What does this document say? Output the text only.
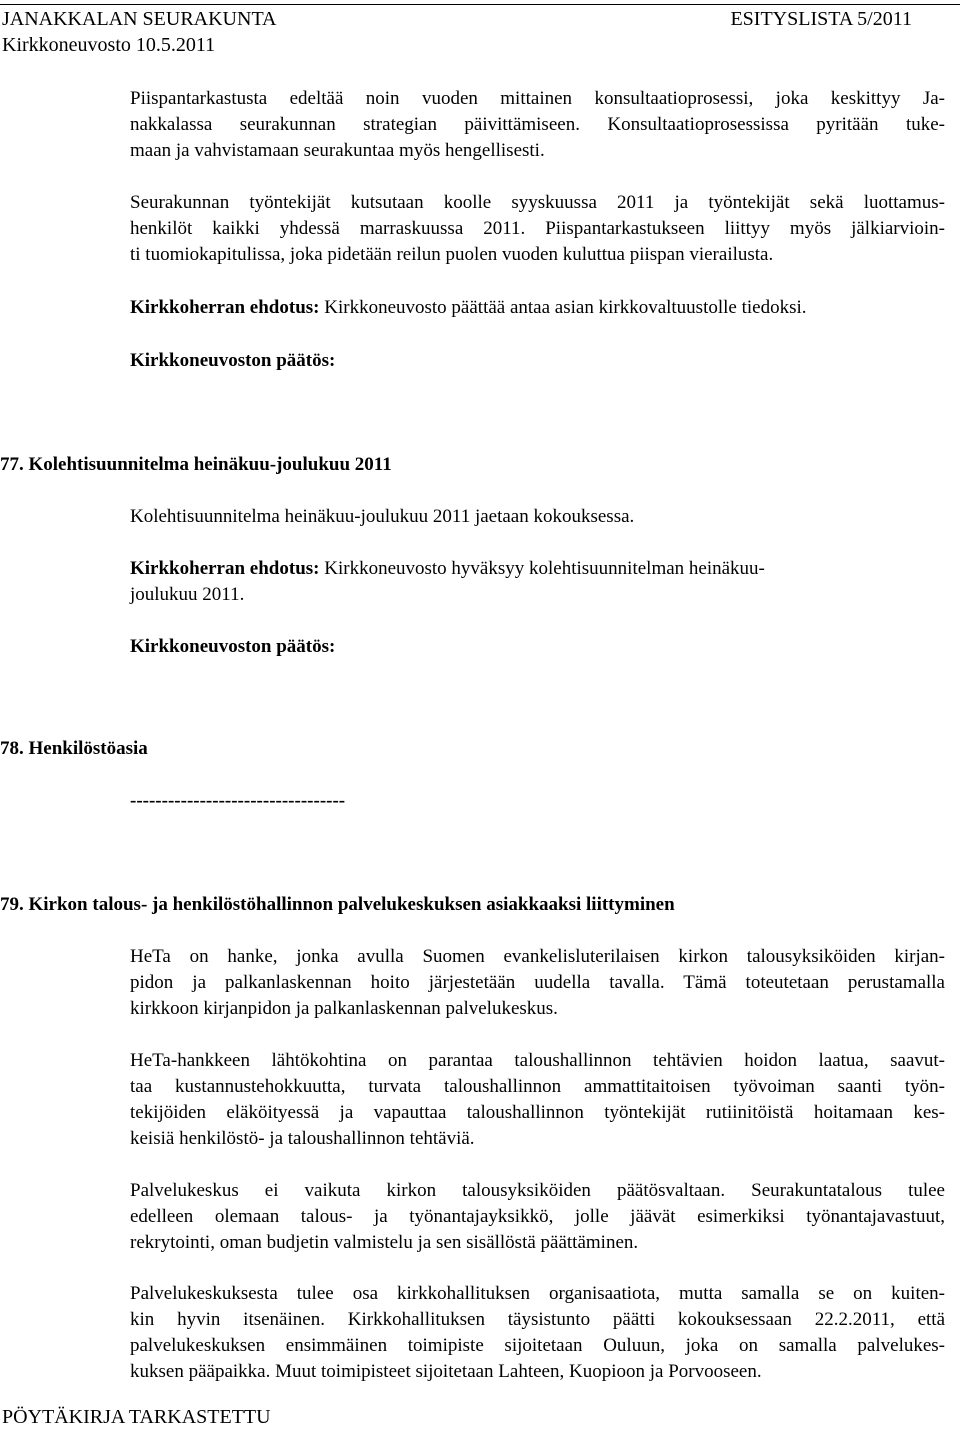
JANAKKALAN SEURAKUNTA	ESITYSLISTA 5/2011
Kirkkoneuvosto 10.5.2011
Piispantarkastusta edeltää noin vuoden mittainen konsultaatioprosessi, joka keskittyy Ja-
nakkalassa seurakunnan strategian päivittämiseen. Konsultaatioprosessissa pyritään tuke-
maan ja vahvistamaan seurakuntaa myös hengellisesti.
Seurakunnan työntekijät kutsutaan koolle syyskuussa 2011 ja työntekijät sekä luottamus-
henkilöt kaikki yhdessä marraskuussa 2011. Piispantarkastukseen liittyy myös jälkiarvioin-
ti tuomiokapitulissa, joka pidetään reilun puolen vuoden kuluttua piispan vierailusta.
Kirkkoherran ehdotus: Kirkkoneuvosto päättää antaa asian kirkkovaltuustolle tiedoksi.
Kirkkoneuvoston päätös:
77. Kolehtisuunnitelma heinäkuu-joulukuu 2011
Kolehtisuunnitelma heinäkuu-joulukuu 2011 jaetaan kokouksessa.
Kirkkoherran ehdotus: Kirkkoneuvosto hyväksyy kolehtisuunnitelman heinäkuu-
joulukuu 2011.
Kirkkoneuvoston päätös:
78. Henkilöstöasia
----------------------------------
79. Kirkon talous- ja henkilöstöhallinnon palvelukeskuksen asiakkaaksi liittyminen
HeTa on hanke, jonka avulla Suomen evankelisluterilaisen kirkon talousyksiköiden kirjan-
pidon ja palkanlaskennan hoito järjestetään uudella tavalla. Tämä toteutetaan perustamalla
kirkkoon kirjanpidon ja palkanlaskennan palvelukeskus.
HeTa-hankkeen lähtökohtina on parantaa taloushallinnon tehtävien hoidon laatua, saavut-
taa kustannustehokkuutta, turvata taloushallinnon ammattitaitoisen työvoiman saanti työn-
tekijöiden eläköityessä ja vapauttaa taloushallinnon työntekijät rutiinitöistä hoitamaan kes-
keisiä henkilöstö- ja taloushallinnon tehtäviä.
Palvelukeskus ei vaikuta kirkon talousyksiköiden päätösvaltaan. Seurakuntatalous tulee
edelleen olemaan talous- ja työnantajayksikkö, jolle jäävät esimerkiksi työnantajavastuut,
rekrytointi, oman budjetin valmistelu ja sen sisällöstä päättäminen.
Palvelukeskuksesta tulee osa kirkkohallituksen organisaatiota, mutta samalla se on kuiten-
kin hyvin itsenäinen. Kirkkohallituksen täysistunto päätti kokouksessaan 22.2.2011, että
palvelukeskuksen ensimmäinen toimipiste sijoitetaan Ouluun, joka on samalla palvelukes-
kuksen pääpaikka. Muut toimipisteet sijoitetaan Lahteen, Kuopioon ja Porvooseen.
PÖYTÄKIRJA TARKASTETTU
